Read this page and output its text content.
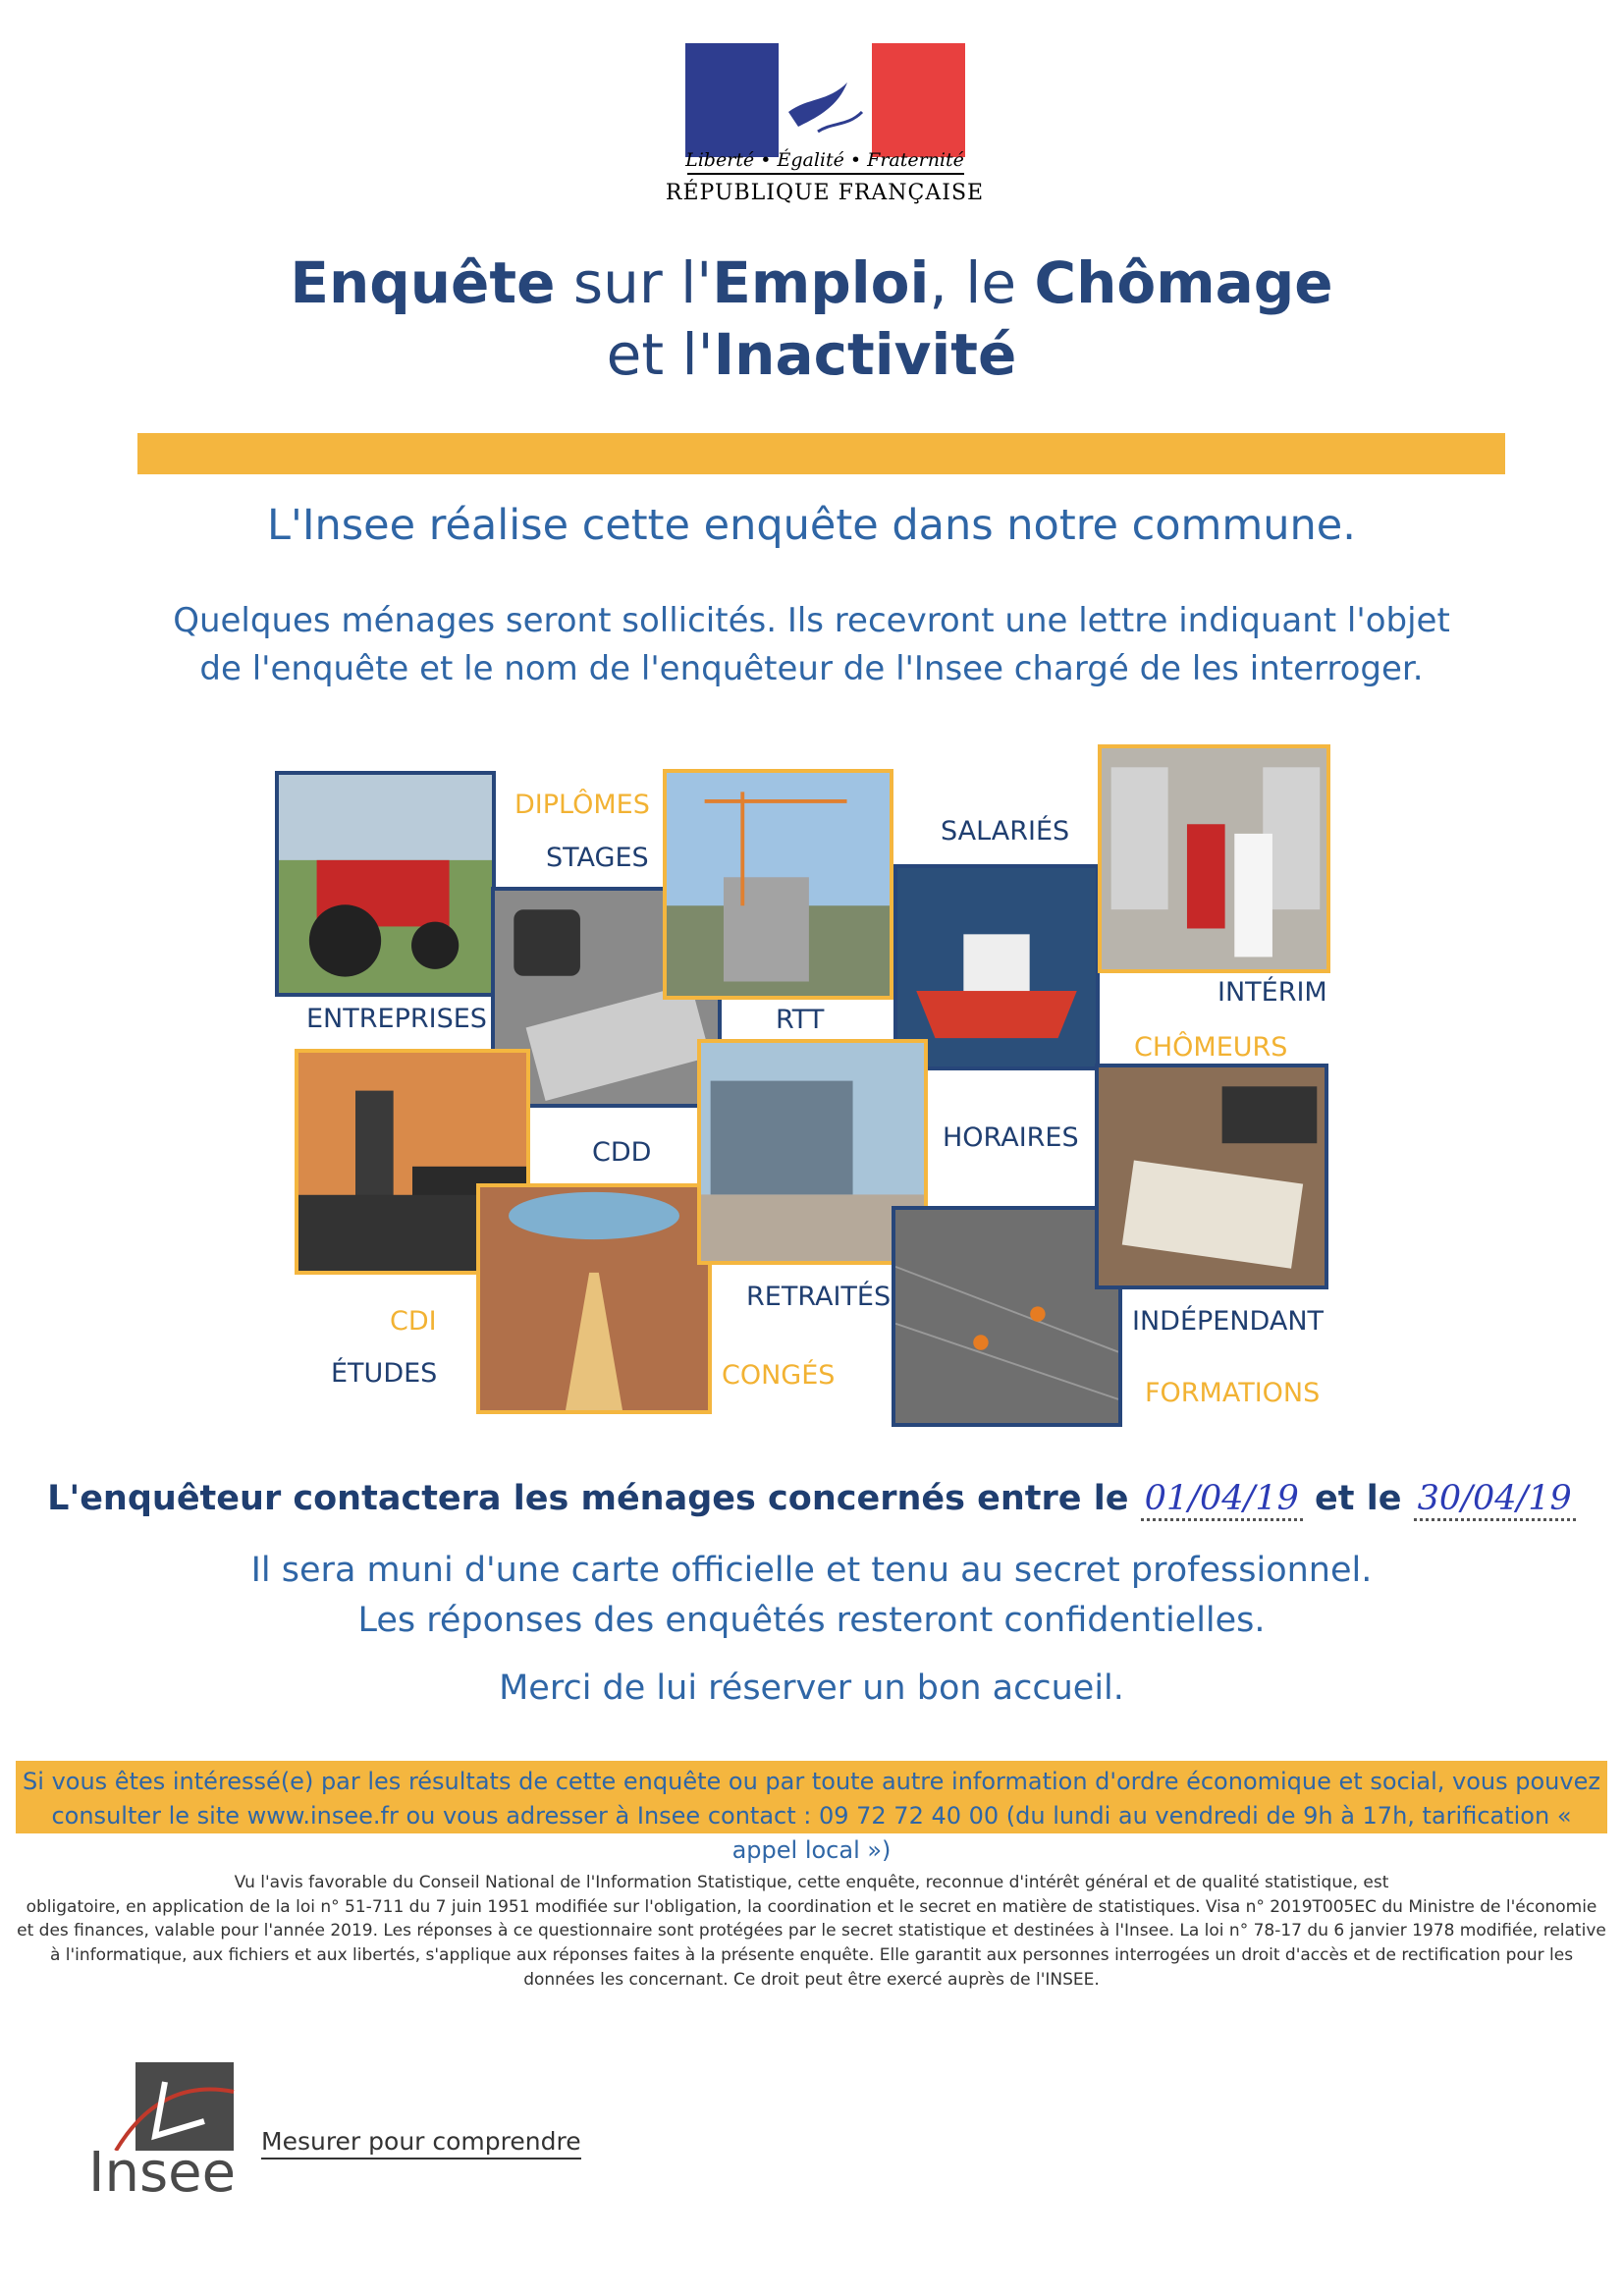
Liberté • Égalité • Fraternité
RÉPUBLIQUE FRANÇAISE
Enquête sur l'Emploi, le Chômage
et l'Inactivité
L'Insee réalise cette enquête dans notre commune.
Quelques ménages seront sollicités. Ils recevront une lettre indiquant l'objet
de l'enquête et le nom de l'enquêteur de l'Insee chargé de les interroger.
DIPLÔMES
STAGES
SALARIÉS
ENTREPRISES	RTT
INTÉRIM
CHÔMEURS
HORAIRES
CDD
CDI
RETRAITÉS
INDÉPENDANT
ÉTUDES	CONGÉS
FORMATIONS
L'enquêteur contactera les ménages concernés entre le 01/04/19 et le 30/04/19
Il sera muni d'une carte officielle et tenu au secret professionnel.
Les réponses des enquêtés resteront confidentielles.
Merci de lui réserver un bon accueil.
Si vous êtes intéressé(e) par les résultats de cette enquête ou par toute autre information d'ordre économique et social, vous pouvez
consulter le site www.insee.fr ou vous adresser à Insee contact : 09 72 72 40 00 (du lundi au vendredi de 9h à 17h, tarification « appel local »)
Vu l'avis favorable du Conseil National de l'Information Statistique, cette enquête, reconnue d'intérêt général et de qualité statistique, est
obligatoire, en application de la loi n° 51-711 du 7 juin 1951 modifiée sur l'obligation, la coordination et le secret en matière de statistiques. Visa n° 2019T005EC du Ministre de l'économie
et des finances, valable pour l'année 2019. Les réponses à ce questionnaire sont protégées par le secret statistique et destinées à l'Insee. La loi n° 78-17 du 6 janvier 1978 modifiée, relative
à l'informatique, aux fichiers et aux libertés, s'applique aux réponses faites à la présente enquête. Elle garantit aux personnes interrogées un droit d'accès et de rectification pour les
données les concernant. Ce droit peut être exercé auprès de l'INSEE.
Insee Mesurer pour comprendre
